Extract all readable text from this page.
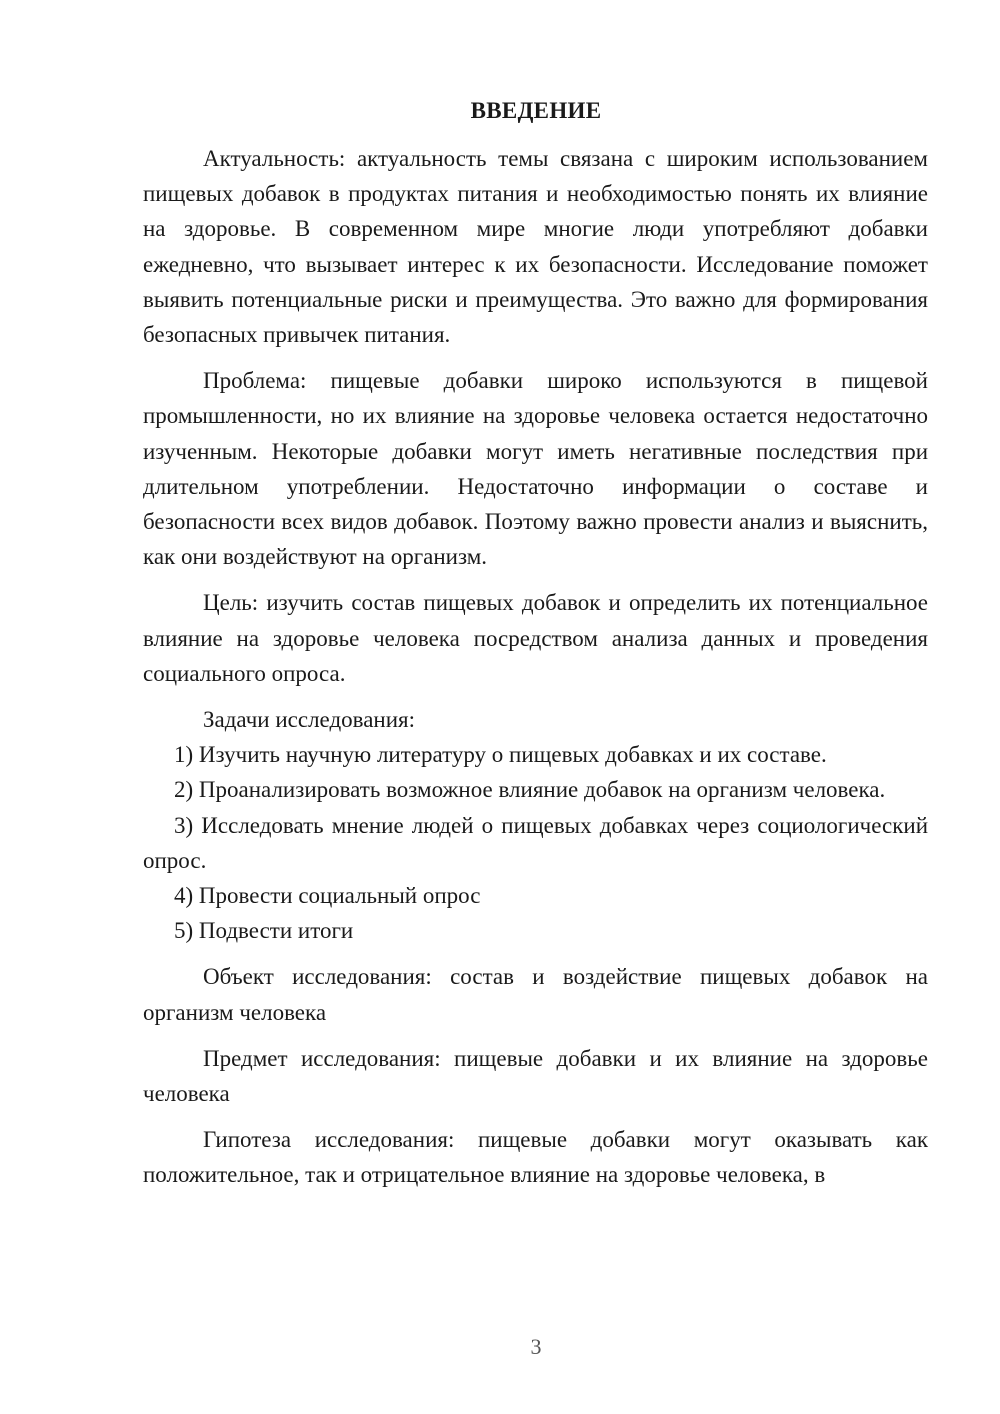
ВВЕДЕНИЕ

Актуальность: актуальность темы связана с широким использованием пищевых добавок в продуктах питания и необходимостью понять их влияние на здоровье. В современном мире многие люди употребляют добавки ежедневно, что вызывает интерес к их безопасности. Исследование поможет выявить потенциальные риски и преимущества. Это важно для формирования безопасных привычек питания.

Проблема: пищевые добавки широко используются в пищевой промышленности, но их влияние на здоровье человека остается недостаточно изученным. Некоторые добавки могут иметь негативные последствия при длительном употреблении. Недостаточно информации о составе и безопасности всех видов добавок. Поэтому важно провести анализ и выяснить, как они воздействуют на организм.

Цель: изучить состав пищевых добавок и определить их потенциальное влияние на здоровье человека посредством анализа данных и проведения социального опроса.

Задачи исследования:

1) Изучить научную литературу о пищевых добавках и их составе.

2) Проанализировать возможное влияние добавок на организм человека.

3) Исследовать мнение людей о пищевых добавках через социологический опрос.

4) Провести социальный опрос

5) Подвести итоги

Объект исследования: состав и воздействие пищевых добавок на организм человека

Предмет исследования: пищевые добавки и их влияние на здоровье человека

Гипотеза исследования: пищевые добавки могут оказывать как положительное, так и отрицательное влияние на здоровье человека, в

3
